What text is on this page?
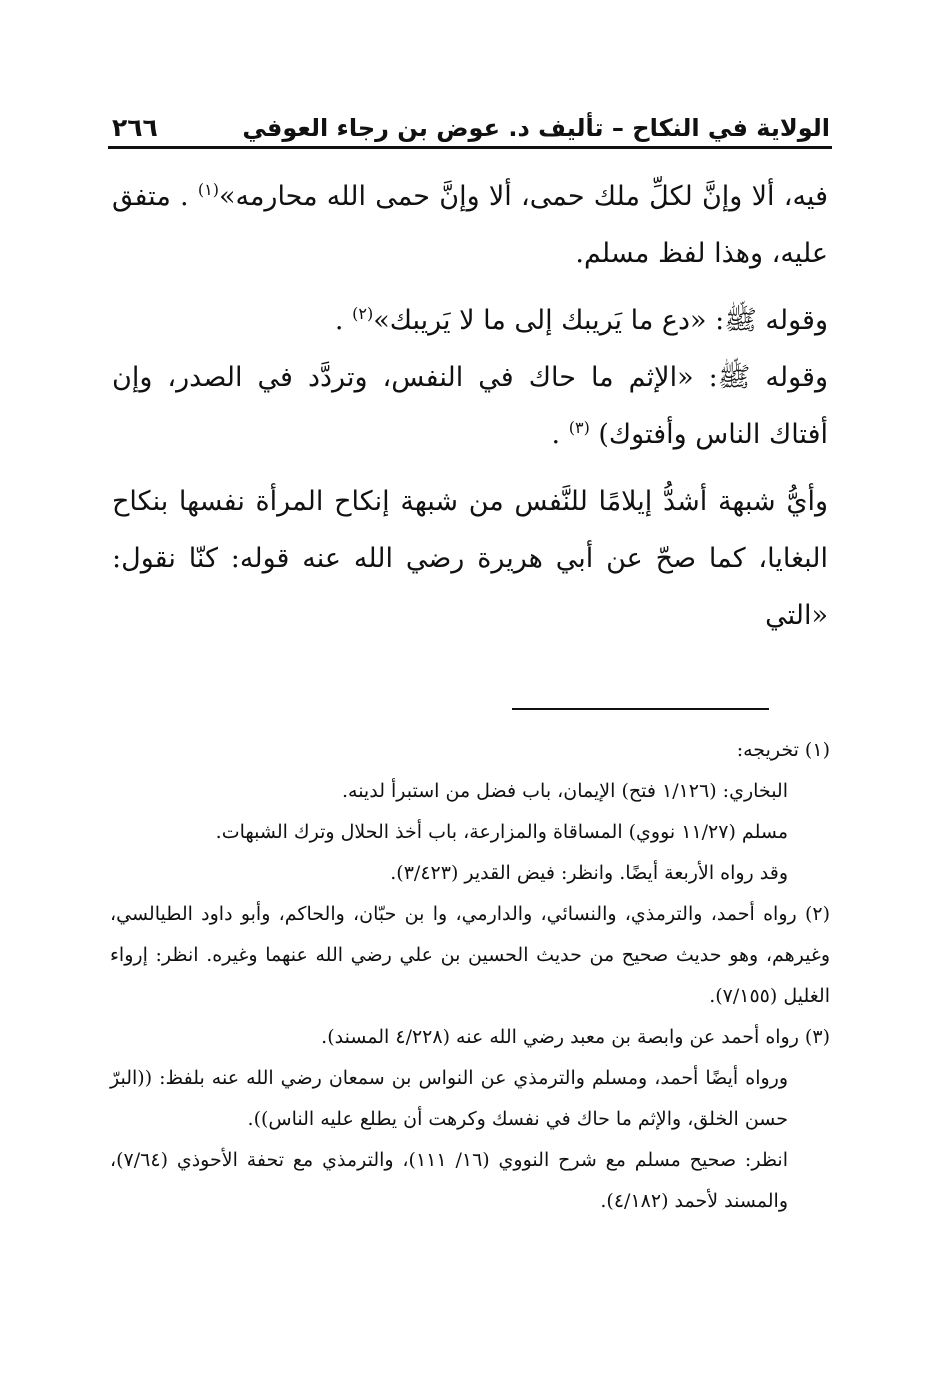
الولاية في النكاح – تأليف د. عوض بن رجاء العوفي
٢٦٦

فيه، ألا وإنَّ لكلِّ ملك حمى، ألا وإنَّ حمى الله محارمه»$^{(١)}$ . متفق عليه، وهذا لفظ مسلم.

وقوله ﷺ: «دع ما يَريبك إلى ما لا يَريبك»$^{(٢)}$ .

وقوله ﷺ: «الإثم ما حاك في النفس، وتردَّد في الصدر، وإن أفتاك الناس وأفتوك) $^{(٣)}$ .

وأيُّ شبهة أشدُّ إيلامًا للنَّفس من شبهة إنكاح المرأة نفسها بنكاح البغايا، كما صحّ عن أبي هريرة رضي الله عنه قوله: كنّا نقول: «التي

(١) تخريجه:

البخاري: (١/١٢٦ فتح) الإيمان، باب فضل من استبرأ لدينه.

مسلم (١١/٢٧ نووي) المساقاة والمزارعة، باب أخذ الحلال وترك الشبهات.

وقد رواه الأربعة أيضًا. وانظر: فيض القدير (٣/٤٢٣).

(٢) رواه أحمد، والترمذي، والنسائي، والدارمي، وا بن حبّان، والحاكم، وأبو داود الطيالسي، وغيرهم، وهو حديث صحيح من حديث الحسين بن علي رضي الله عنهما وغيره. انظر: إرواء الغليل (٧/١٥٥).

(٣) رواه أحمد عن وابصة بن معبد رضي الله عنه (٤/٢٢٨ المسند).

ورواه أيضًا أحمد، ومسلم والترمذي عن النواس بن سمعان رضي الله عنه بلفظ: ((البرّ حسن الخلق، والإثم ما حاك في نفسك وكرهت أن يطلع عليه الناس)).

انظر: صحيح مسلم مع شرح النووي (١٦/ ١١١)، والترمذي مع تحفة الأحوذي (٧/٦٤)، والمسند لأحمد (٤/١٨٢).
